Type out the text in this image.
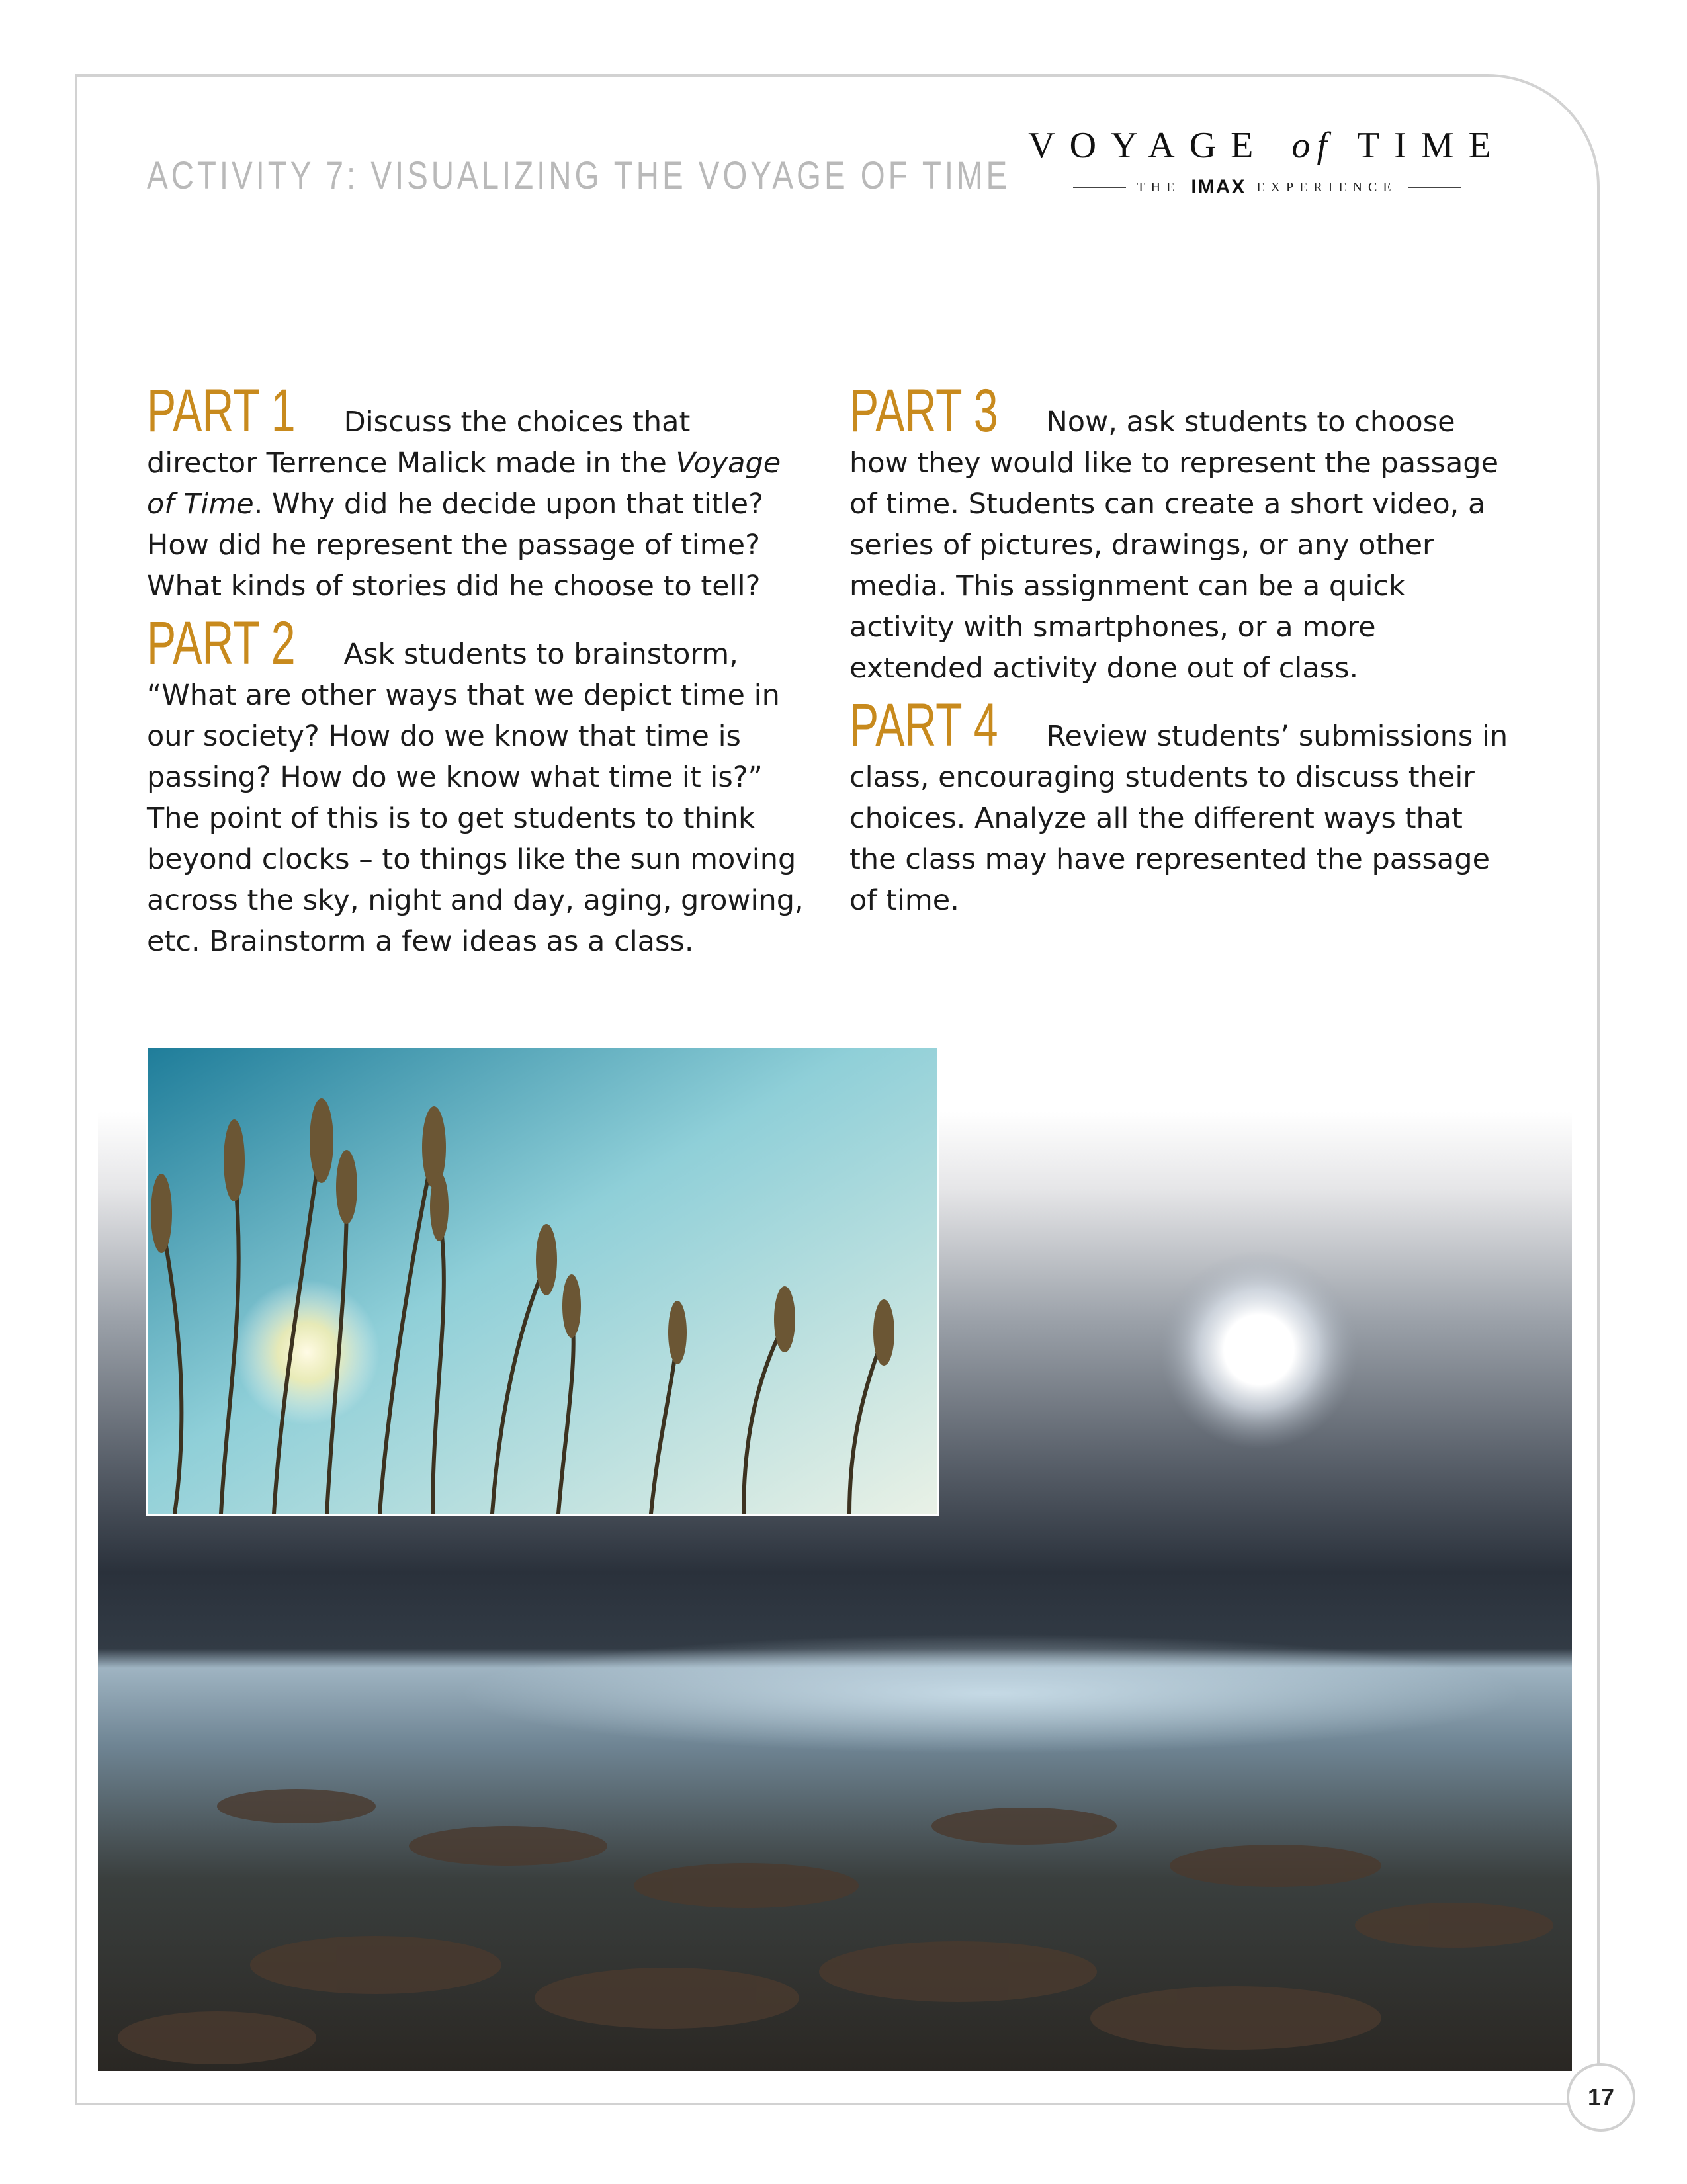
ACTIVITY 7: VISUALIZING THE VOYAGE OF TIME
VOYAGE of TIME
THE IMAX EXPERIENCE

PART 1 Discuss the choices that director Terrence Malick made in the Voyage of Time. Why did he decide upon that title? How did he represent the passage of time? What kinds of stories did he choose to tell?

PART 2 Ask students to brainstorm, “What are other ways that we depict time in our society? How do we know that time is passing? How do we know what time it is?” The point of this is to get students to think beyond clocks – to things like the sun moving across the sky, night and day, aging, growing, etc. Brainstorm a few ideas as a class.

PART 3 Now, ask students to choose how they would like to represent the passage of time. Students can create a short video, a series of pictures, drawings, or any other media. This assignment can be a quick activity with smartphones, or a more extended activity done out of class.

PART 4 Review students’ submissions in class, encouraging students to discuss their choices. Analyze all the different ways that the class may have represented the passage of time.

17
